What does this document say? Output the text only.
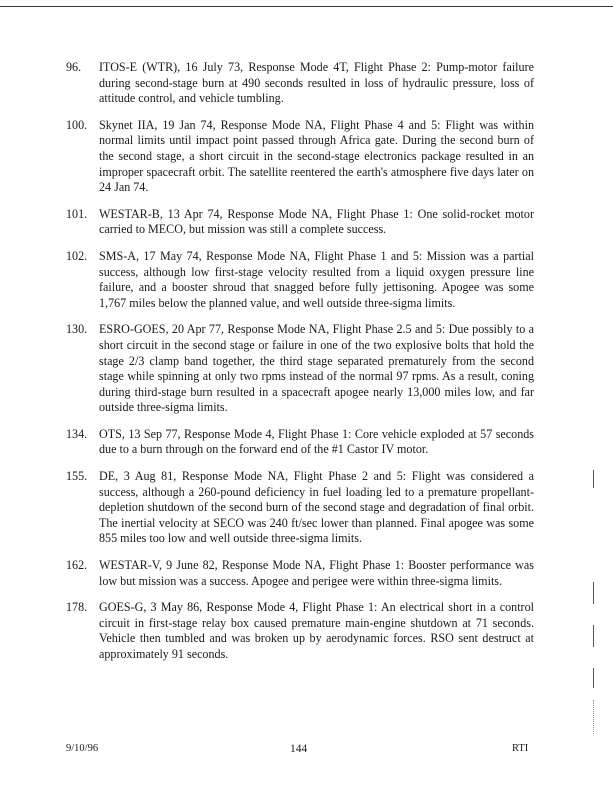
96.	ITOS-E (WTR), 16 July 73, Response Mode 4T, Flight Phase 2: Pump-motor failure during second-stage burn at 490 seconds resulted in loss of hydraulic pressure, loss of attitude control, and vehicle tumbling.
100. Skynet IIA, 19 Jan 74, Response Mode NA, Flight Phase 4 and 5: Flight was within normal limits until impact point passed through Africa gate. During the second burn of the second stage, a short circuit in the second-stage electronics package resulted in an improper spacecraft orbit. The satellite reentered the earth's atmosphere five days later on 24 Jan 74.
101. WESTAR-B, 13 Apr 74, Response Mode NA, Flight Phase 1: One solid-rocket motor carried to MECO, but mission was still a complete success.
102. SMS-A, 17 May 74, Response Mode NA, Flight Phase 1 and 5: Mission was a partial success, although low first-stage velocity resulted from a liquid oxygen pressure line failure, and a booster shroud that snagged before fully jettisoning. Apogee was some 1,767 miles below the planned value, and well outside three-sigma limits.
130. ESRO-GOES, 20 Apr 77, Response Mode NA, Flight Phase 2.5 and 5: Due possibly to a short circuit in the second stage or failure in one of the two explosive bolts that hold the stage 2/3 clamp band together, the third stage separated prematurely from the second stage while spinning at only two rpms instead of the normal 97 rpms. As a result, coning during third-stage burn resulted in a spacecraft apogee nearly 13,000 miles low, and far outside three-sigma limits.
134. OTS, 13 Sep 77, Response Mode 4, Flight Phase 1: Core vehicle exploded at 57 seconds due to a burn through on the forward end of the #1 Castor IV motor.
155. DE, 3 Aug 81, Response Mode NA, Flight Phase 2 and 5: Flight was considered a success, although a 260-pound deficiency in fuel loading led to a premature propellant-depletion shutdown of the second burn of the second stage and degradation of final orbit. The inertial velocity at SECO was 240 ft/sec lower than planned. Final apogee was some 855 miles too low and well outside three-sigma limits.
162. WESTAR-V, 9 June 82, Response Mode NA, Flight Phase 1: Booster performance was low but mission was a success. Apogee and perigee were within three-sigma limits.
178. GOES-G, 3 May 86, Response Mode 4, Flight Phase 1: An electrical short in a control circuit in first-stage relay box caused premature main-engine shutdown at 71 seconds. Vehicle then tumbled and was broken up by aerodynamic forces. RSO sent destruct at approximately 91 seconds.
9/10/96	144	RTI
